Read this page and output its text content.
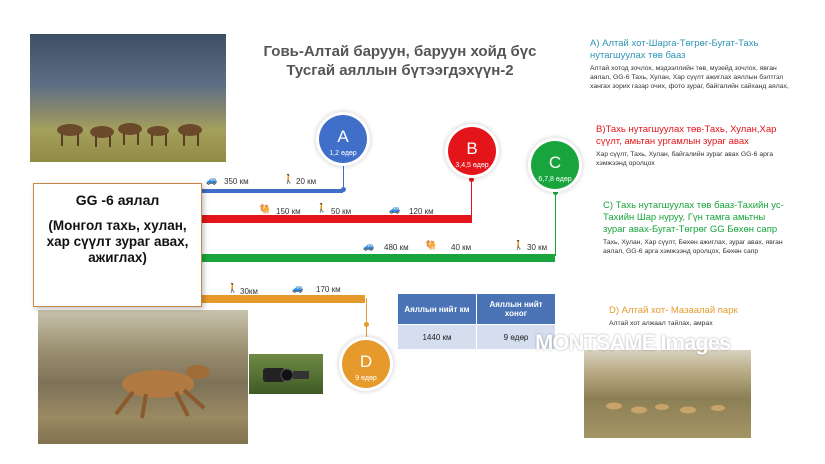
Говь-Алтай баруун, баруун хойд бүс
Тусгай аяллын бүтээгдэхүүн-2
🚙 350 км	🚶 20 км
🐫 150 км 🚶 50 км	🚙 120 км
🚙 480 км 🐫 40 км	🚶 30 км
🚶 30км	🚙 170 км
A
1,2 өдөр	B
3,4,5 өдөр	C
6,7,8 өдөр
D
9 өдөр
GG -6 аялал
(Монгол тахь, хулан, хар сүүлт зураг авах, ажиглах)
Аяллын нийт км	Аяллын нийт хоног
1440 км	9 өдөр
A) Алтай хот-Шарга-Төгрөг-Бугат-Тахь нутагшуулах төв бааз

Алтай хотод зочлох, мэдээллийн төв, музейд зочлох, явган аялал, GG-6 Тахь, Хулан, Хар сүүлт ажиглах аяллын бэлтгэл хангах зорих газар очих, фото зураг, байгалийн сайханд аялах,

B)Тахь нутагшуулах төв-Тахь, Хулан,Хар сүүлт, амьтан ургамлын зураг авах

Хар сүүлт, Тахь, Хулан, байгалийн зураг авах GG-6 арга хэмжээнд оролцох

C) Тахь нутагшуулах төв бааз-Тахийн ус- Тахийн Шар нуруу, Гүн тамга амьтны зураг авах-Бугат-Төгрөг GG Бөхөн сапр

Тахь, Хулан, Хар сүүлт, Бөхөн ажиглах, зураг авах, явган аялал, GG-6 арга хэмжээнд оролцох, Бөхөн сапр

D) Алтай хот- Мазаалай парк

Алтай хот алжаал тайлах, амрах

MONTSAME Images
